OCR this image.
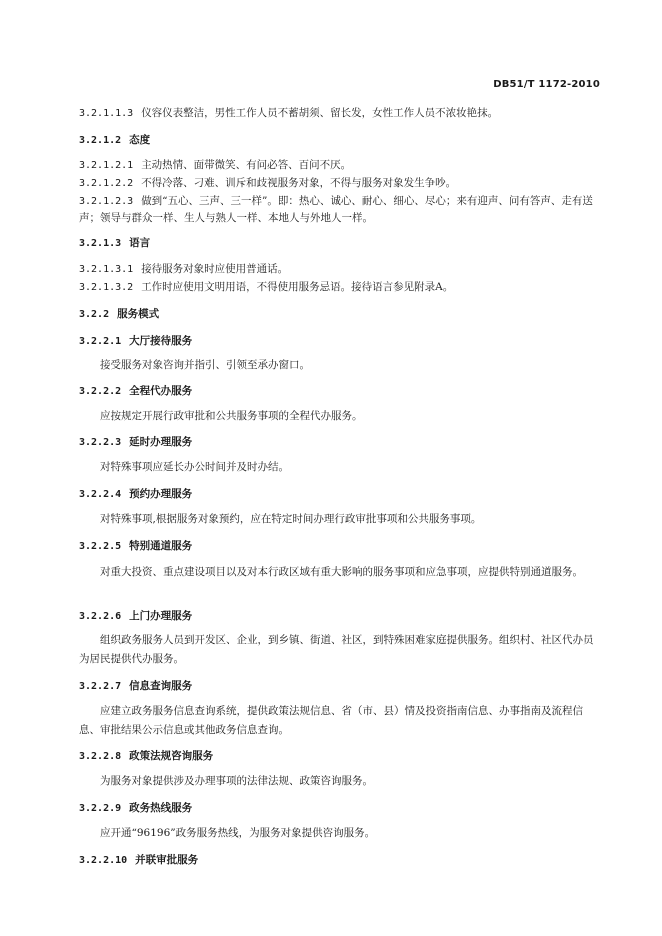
DB51/T 1172-2010
3.2.1.1.3 仪容仪表整洁，男性工作人员不蓄胡须、留长发，女性工作人员不浓妆艳抹。
3.2.1.2 态度
3.2.1.2.1 主动热情、面带微笑、有问必答、百问不厌。
3.2.1.2.2 不得冷落、刁难、训斥和歧视服务对象，不得与服务对象发生争吵。
3.2.1.2.3 做到“五心、三声、三一样”。即：热心、诚心、耐心、细心、尽心；来有迎声、问有答声、走有送声；领导与群众一样、生人与熟人一样、本地人与外地人一样。
3.2.1.3 语言
3.2.1.3.1 接待服务对象时应使用普通话。
3.2.1.3.2 工作时应使用文明用语，不得使用服务忌语。接待语言参见附录A。
3.2.2 服务模式
3.2.2.1 大厅接待服务
接受服务对象咨询并指引、引领至承办窗口。
3.2.2.2 全程代办服务
应按规定开展行政审批和公共服务事项的全程代办服务。
3.2.2.3 延时办理服务
对特殊事项应延长办公时间并及时办结。
3.2.2.4 预约办理服务
对特殊事项,根据服务对象预约，应在特定时间办理行政审批事项和公共服务事项。
3.2.2.5 特别通道服务
对重大投资、重点建设项目以及对本行政区域有重大影响的服务事项和应急事项，应提供特别通道服务。
3.2.2.6 上门办理服务
组织政务服务人员到开发区、企业，到乡镇、街道、社区，到特殊困难家庭提供服务。组织村、社区代办员为居民提供代办服务。
3.2.2.7 信息查询服务
应建立政务服务信息查询系统，提供政策法规信息、省（市、县）情及投资指南信息、办事指南及流程信息、审批结果公示信息或其他政务信息查询。
3.2.2.8 政策法规咨询服务
为服务对象提供涉及办理事项的法律法规、政策咨询服务。
3.2.2.9 政务热线服务
应开通“96196”政务服务热线，为服务对象提供咨询服务。
3.2.2.10 并联审批服务
